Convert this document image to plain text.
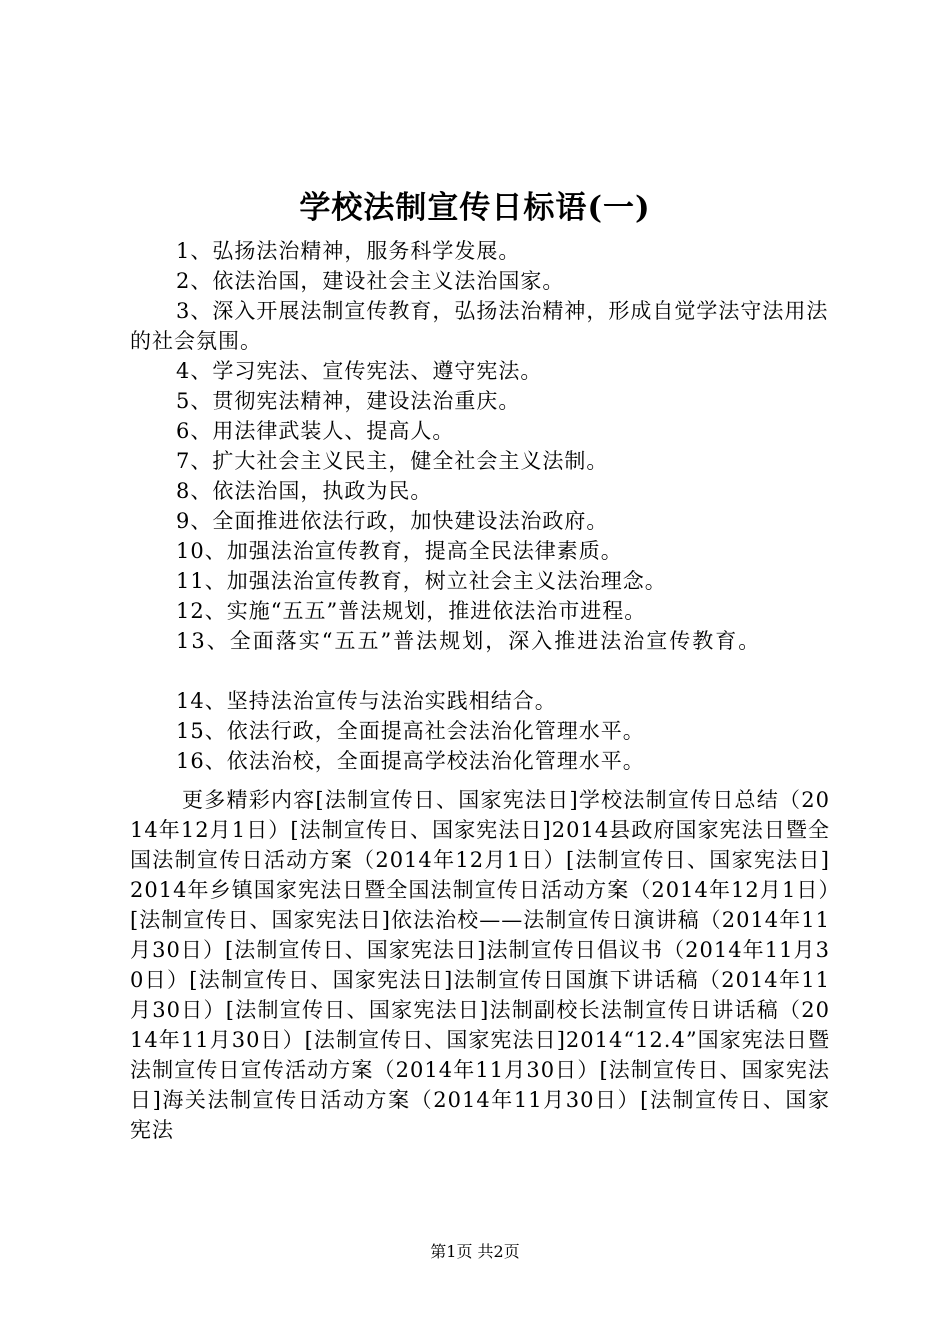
学校法制宣传日标语(一)
1、弘扬法治精神，服务科学发展。
2、依法治国，建设社会主义法治国家。
3、深入开展法制宣传教育，弘扬法治精神，形成自觉学法守法用法的社会氛围。
4、学习宪法、宣传宪法、遵守宪法。
5、贯彻宪法精神，建设法治重庆。
6、用法律武装人、提高人。
7、扩大社会主义民主，健全社会主义法制。
8、依法治国，执政为民。
9、全面推进依法行政，加快建设法治政府。
10、加强法治宣传教育，提高全民法律素质。
11、加强法治宣传教育，树立社会主义法治理念。
12、实施“五五”普法规划，推进依法治市进程。
13、全面落实“五五”普法规划，深入推进法治宣传教育。
14、坚持法治宣传与法治实践相结合。
15、依法行政，全面提高社会法治化管理水平。
16、依法治校，全面提高学校法治化管理水平。
更多精彩内容[法制宣传日、国家宪法日]学校法制宣传日总结（2014年12月1日）[法制宣传日、国家宪法日]2014县政府国家宪法日暨全国法制宣传日活动方案（2014年12月1日）[法制宣传日、国家宪法日]2014年乡镇国家宪法日暨全国法制宣传日活动方案（2014年12月1日）[法制宣传日、国家宪法日]依法治校——法制宣传日演讲稿（2014年11月30日）[法制宣传日、国家宪法日]法制宣传日倡议书（2014年11月30日）[法制宣传日、国家宪法日]法制宣传日国旗下讲话稿（2014年11月30日）[法制宣传日、国家宪法日]法制副校长法制宣传日讲话稿（2014年11月30日）[法制宣传日、国家宪法日]2014“12.4”国家宪法日暨法制宣传日宣传活动方案（2014年11月30日）[法制宣传日、国家宪法日]海关法制宣传日活动方案（2014年11月30日）[法制宣传日、国家宪法
第1页 共2页
